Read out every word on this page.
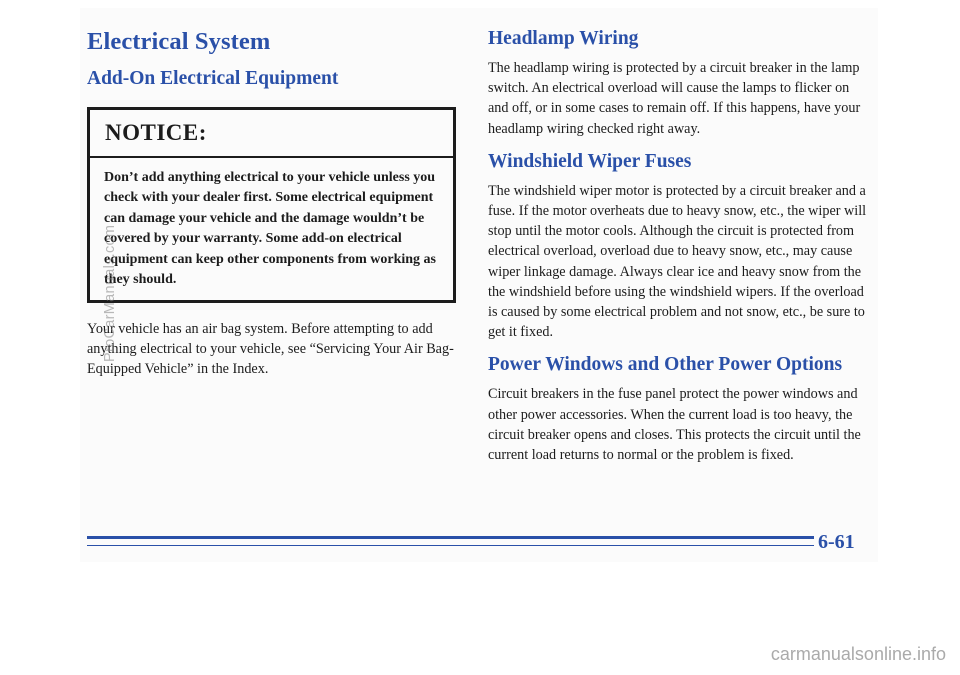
Electrical System
Add-On Electrical Equipment
NOTICE:
Don’t add anything electrical to your vehicle unless you check with your dealer first. Some electrical equipment can damage your vehicle and the damage wouldn’t be covered by your warranty. Some add-on electrical equipment can keep other components from working as they should.

Your vehicle has an air bag system. Before attempting to add anything electrical to your vehicle, see “Servicing Your Air Bag-Equipped Vehicle” in the Index.

Headlamp Wiring

The headlamp wiring is protected by a circuit breaker in the lamp switch. An electrical overload will cause the lamps to flicker on and off, or in some cases to remain off. If this happens, have your headlamp wiring checked right away.

Windshield Wiper Fuses

The windshield wiper motor is protected by a circuit breaker and a fuse. If the motor overheats due to heavy snow, etc., the wiper will stop until the motor cools. Although the circuit is protected from electrical overload, overload due to heavy snow, etc., may cause wiper linkage damage. Always clear ice and heavy snow from the the windshield before using the windshield wipers. If the overload is caused by some electrical problem and not snow, etc., be sure to get it fixed.

Power Windows and Other Power Options

Circuit breakers in the fuse panel protect the power windows and other power accessories. When the current load is too heavy, the circuit breaker opens and closes. This protects the circuit until the current load returns to normal or the problem is fixed.

6-61
ProCarManuals.com
carmanualsonline.info
